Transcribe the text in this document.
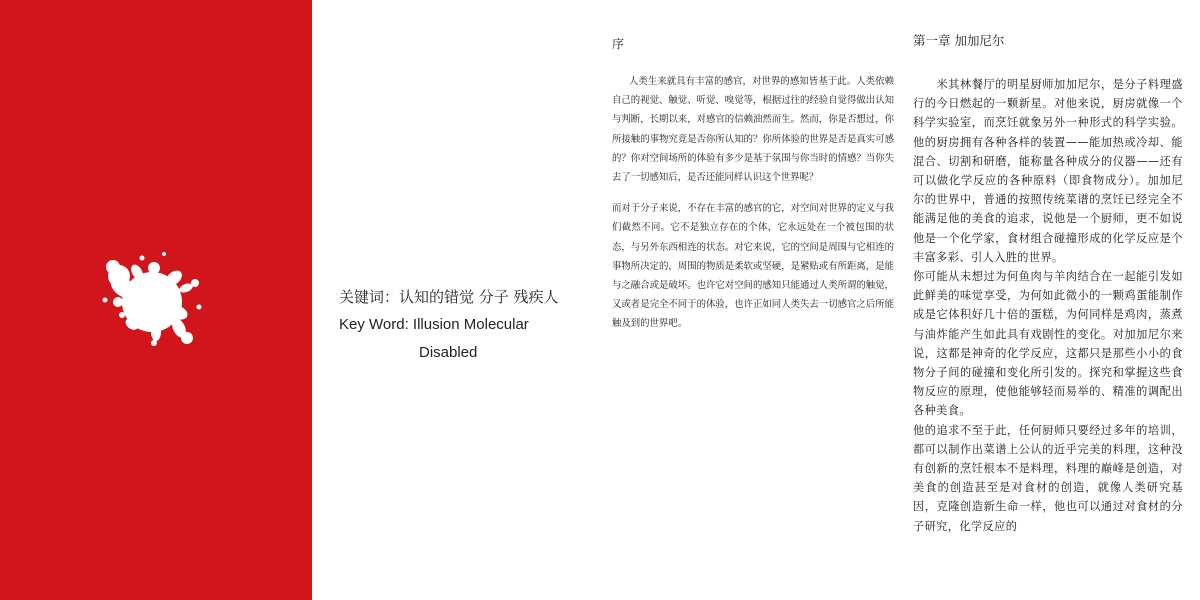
关键词：认知的错觉 分子 残疾人
Key Word: Illusion Molecular
Disabled
序

人类生来就具有丰富的感官，对世界的感知皆基于此。人类依赖自己的视觉、触觉、听觉、嗅觉等，根据过往的经验自觉得做出认知与判断，长期以来，对感官的信赖油然而生。然而，你是否想过，你所接触的事物究竟是否你所认知的？你所体验的世界是否是真实可感的？你对空间场所的体验有多少是基于氛围与你当时的情感？当你失去了一切感知后，是否还能同样认识这个世界呢？

而对于分子来说，不存在丰富的感官的它，对空间对世界的定义与我们截然不同。它不是独立存在的个体，它永远处在一个被包围的状态，与另外东西相连的状态。对它来说，它的空间是周围与它相连的事物所决定的，周围的物质是柔软或坚硬，是紧贴或有所距离，是能与之融合或是破坏。也许它对空间的感知只能通过人类所谓的触觉，又或者是完全不同于的体验，也许正如同人类失去一切感官之后所能触及到的世界吧。

第一章 加加尼尔

米其林餐厅的明星厨师加加尼尔，是分子料理盛行的今日燃起的一颗新星。对他来说，厨房就像一个科学实验室，而烹饪就象另外一种形式的科学实验。他的厨房拥有各种各样的装置——能加热或冷却、能混合、切割和研磨，能称量各种成分的仪器——还有可以做化学反应的各种原料（即食物成分）。加加尼尔的世界中，普通的按照传统菜谱的烹饪已经完全不能满足他的美食的追求，说他是一个厨师，更不如说他是一个化学家，食材组合碰撞形成的化学反应是个丰富多彩、引人入胜的世界。

你可能从未想过为何鱼肉与羊肉结合在一起能引发如此鲜美的味觉享受，为何如此微小的一颗鸡蛋能制作成是它体积好几十倍的蛋糕，为何同样是鸡肉，蒸煮与油炸能产生如此具有戏剧性的变化。对加加尼尔来说，这都是神奇的化学反应，这都只是那些小小的食物分子间的碰撞和变化所引发的。探究和掌握这些食物反应的原理，使他能够轻而易举的、精准的调配出各种美食。

他的追求不至于此，任何厨师只要经过多年的培训，都可以制作出菜谱上公认的近乎完美的料理，这种没有创新的烹饪根本不是料理，料理的巅峰是创造，对美食的创造甚至是对食材的创造，就像人类研究基因，克隆创造新生命一样，他也可以通过对食材的分子研究，化学反应的
